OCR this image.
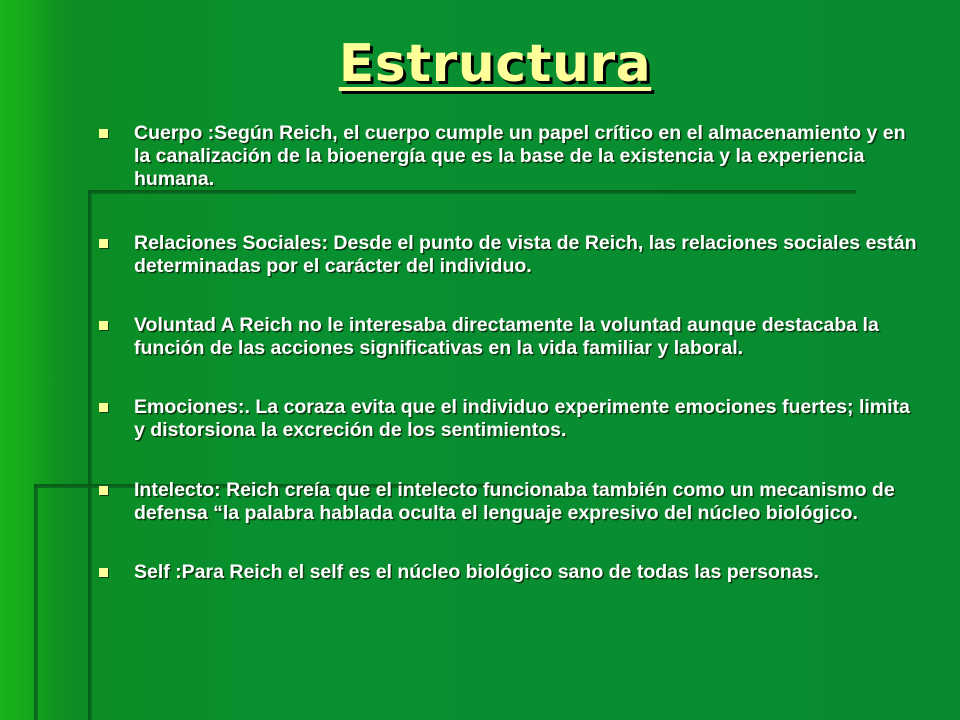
Estructura
Cuerpo :Según Reich, el cuerpo cumple un papel crítico en el almacenamiento y en la canalización de la bioenergía que es la base de la existencia y la experiencia humana.
Relaciones Sociales: Desde el punto de vista de Reich, las relaciones sociales están determinadas por el carácter del individuo.
Voluntad A Reich no le interesaba directamente la voluntad aunque destacaba la función de las acciones significativas en la vida familiar y laboral.
Emociones:. La coraza evita que el individuo experimente emociones fuertes; limita y distorsiona la excreción de los sentimientos.
Intelecto: Reich creía que el intelecto funcionaba también como un mecanismo de defensa “la palabra hablada oculta el lenguaje expresivo del núcleo biológico.
Self :Para Reich el self es el núcleo biológico sano de todas las personas.
